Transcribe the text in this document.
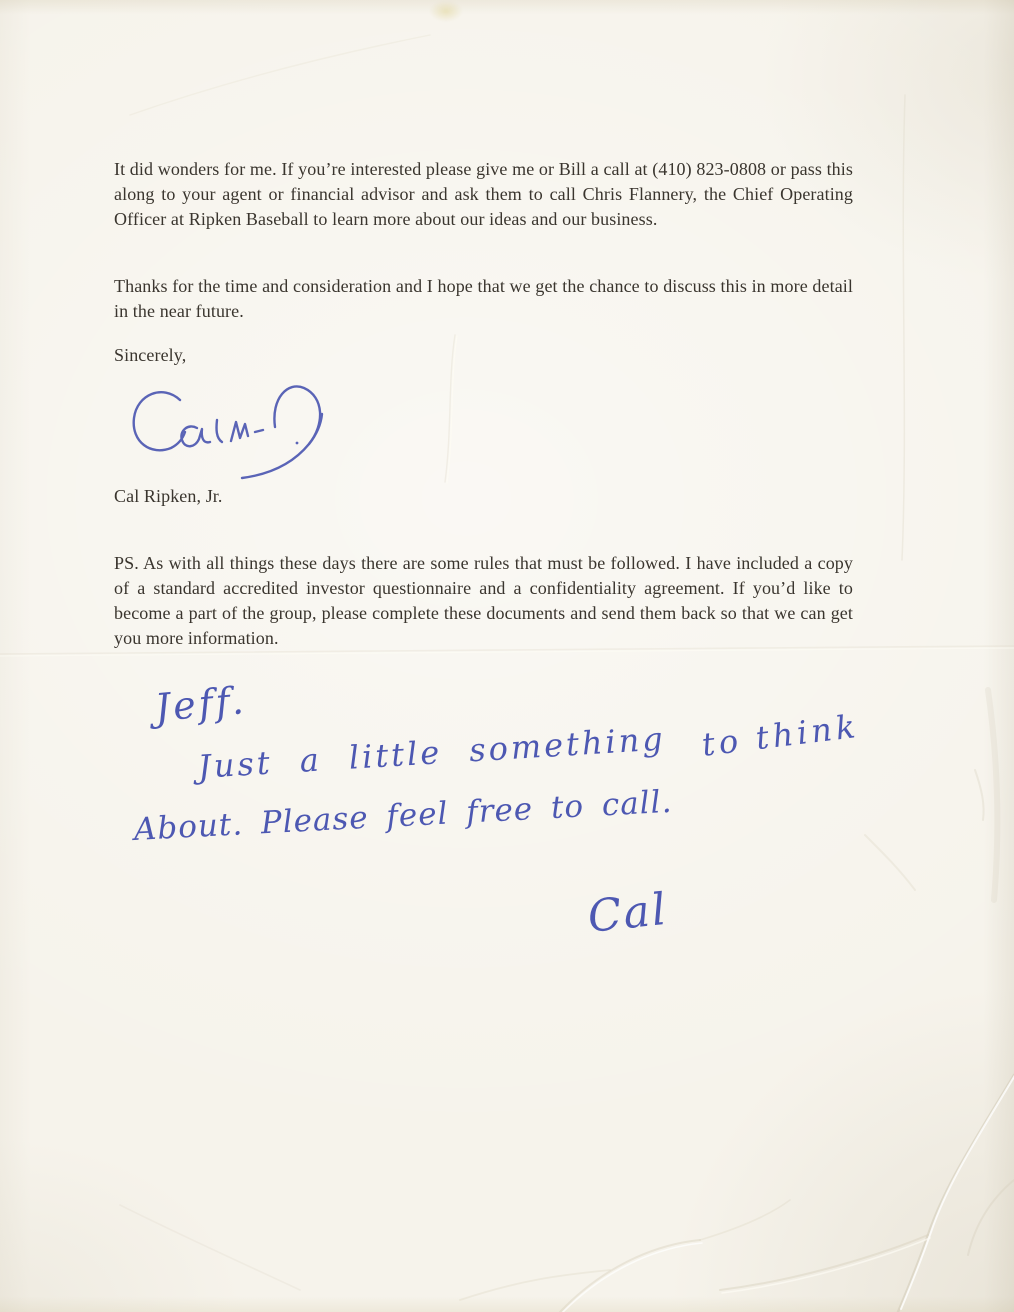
It did wonders for me. If you’re interested please give me or Bill a call at (410) 823-0808 or pass this along to your agent or financial advisor and ask them to call Chris Flannery, the Chief Operating Officer at Ripken Baseball to learn more about our ideas and our business.
Thanks for the time and consideration and I hope that we get the chance to discuss this in more detail in the near future.
Sincerely,
Cal Ripken, Jr.
PS. As with all things these days there are some rules that must be followed. I have included a copy of a standard accredited investor questionnaire and a confidentiality agreement. If you’d like to become a part of the group, please complete these documents and send them back so that we can get you more information.
Jeff.
Just a little something to think
About. Please feel free to call.
Cal
